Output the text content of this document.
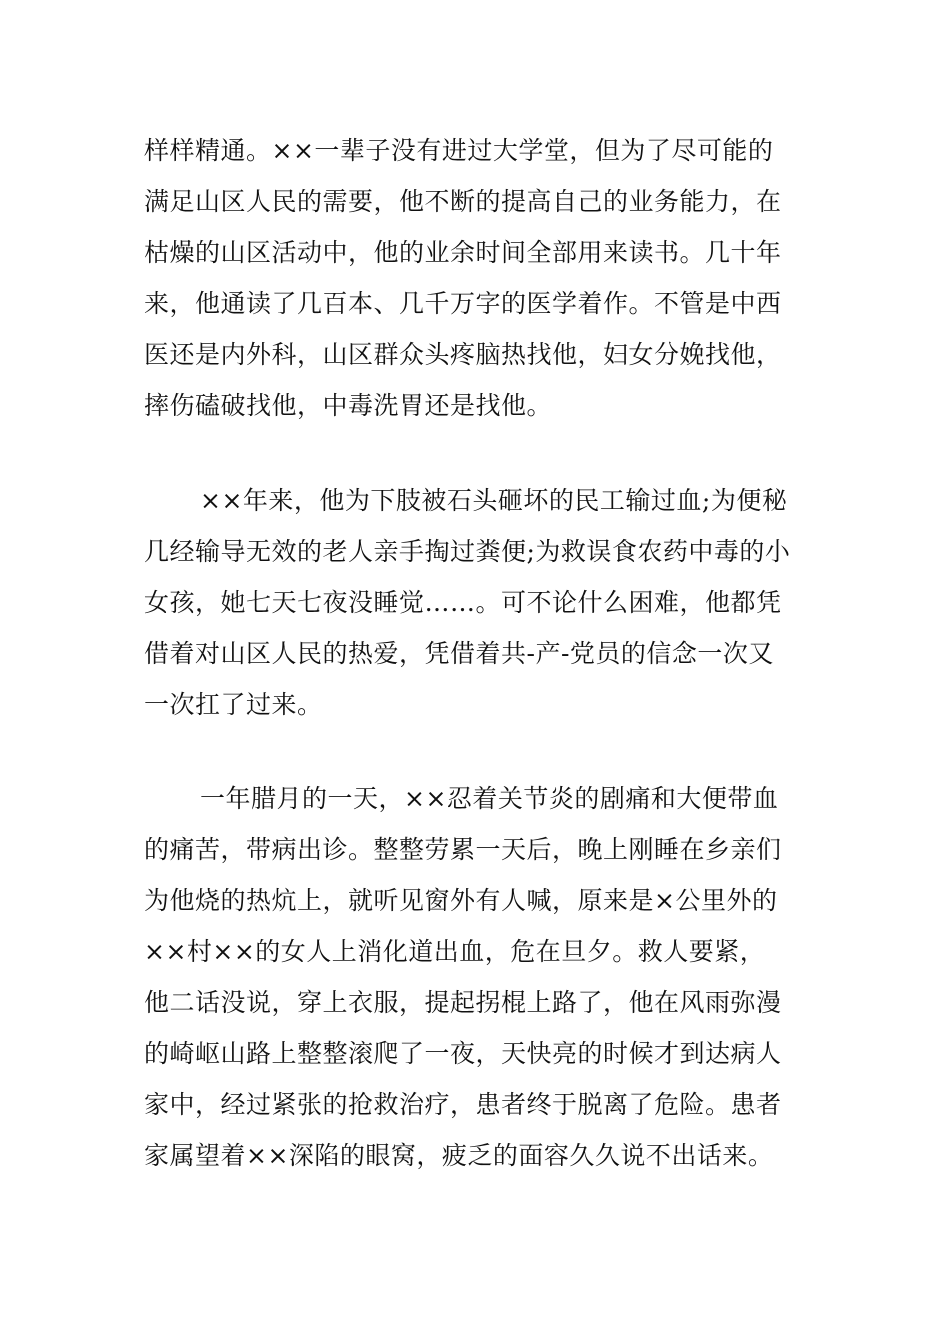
样样精通。××一辈子没有进过大学堂，但为了尽可能的
满足山区人民的需要，他不断的提高自己的业务能力，在
枯燥的山区活动中，他的业余时间全部用来读书。几十年
来，他通读了几百本、几千万字的医学着作。不管是中西
医还是内外科，山区群众头疼脑热找他，妇女分娩找他，
摔伤磕破找他，中毒洗胃还是找他。
××年来，他为下肢被石头砸坏的民工输过血;为便秘
几经输导无效的老人亲手掏过粪便;为救误食农药中毒的小
女孩，她七天七夜没睡觉……。可不论什么困难，他都凭
借着对山区人民的热爱，凭借着共-产-党员的信念一次又
一次扛了过来。
一年腊月的一天，××忍着关节炎的剧痛和大便带血
的痛苦，带病出诊。整整劳累一天后，晚上刚睡在乡亲们
为他烧的热炕上，就听见窗外有人喊，原来是×公里外的
××村××的女人上消化道出血，危在旦夕。救人要紧，
他二话没说，穿上衣服，提起拐棍上路了，他在风雨弥漫
的崎岖山路上整整滚爬了一夜，天快亮的时候才到达病人
家中，经过紧张的抢救治疗，患者终于脱离了危险。患者
家属望着××深陷的眼窝，疲乏的面容久久说不出话来。
